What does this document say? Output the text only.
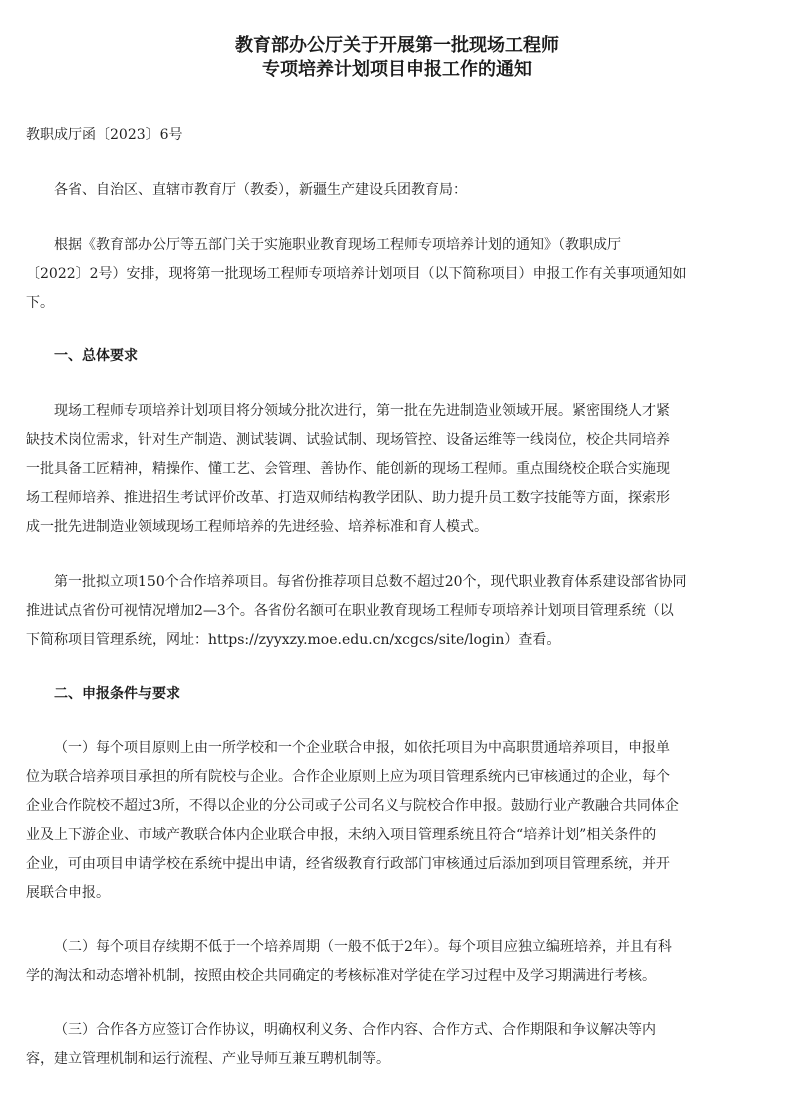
教育部办公厅关于开展第一批现场工程师
专项培养计划项目申报工作的通知
教职成厅函〔2023〕6号
各省、自治区、直辖市教育厅（教委），新疆生产建设兵团教育局：
根据《教育部办公厅等五部门关于实施职业教育现场工程师专项培养计划的通知》（教职成厅
〔2022〕2号）安排，现将第一批现场工程师专项培养计划项目（以下简称项目）申报工作有关事项通知如
下。
一、总体要求
现场工程师专项培养计划项目将分领域分批次进行，第一批在先进制造业领域开展。紧密围绕人才紧
缺技术岗位需求，针对生产制造、测试装调、试验试制、现场管控、设备运维等一线岗位，校企共同培养
一批具备工匠精神，精操作、懂工艺、会管理、善协作、能创新的现场工程师。重点围绕校企联合实施现
场工程师培养、推进招生考试评价改革、打造双师结构教学团队、助力提升员工数字技能等方面，探索形
成一批先进制造业领域现场工程师培养的先进经验、培养标准和育人模式。
第一批拟立项150个合作培养项目。每省份推荐项目总数不超过20个，现代职业教育体系建设部省协同
推进试点省份可视情况增加2—3个。各省份名额可在职业教育现场工程师专项培养计划项目管理系统（以
下简称项目管理系统，网址：https://zyyxzy.moe.edu.cn/xcgcs/site/login）查看。
二、申报条件与要求
（一）每个项目原则上由一所学校和一个企业联合申报，如依托项目为中高职贯通培养项目，申报单
位为联合培养项目承担的所有院校与企业。合作企业原则上应为项目管理系统内已审核通过的企业，每个
企业合作院校不超过3所，不得以企业的分公司或子公司名义与院校合作申报。鼓励行业产教融合共同体企
业及上下游企业、市域产教联合体内企业联合申报，未纳入项目管理系统且符合“培养计划”相关条件的
企业，可由项目申请学校在系统中提出申请，经省级教育行政部门审核通过后添加到项目管理系统，并开
展联合申报。
（二）每个项目存续期不低于一个培养周期（一般不低于2年）。每个项目应独立编班培养，并且有科
学的淘汰和动态增补机制，按照由校企共同确定的考核标准对学徒在学习过程中及学习期满进行考核。
（三）合作各方应签订合作协议，明确权利义务、合作内容、合作方式、合作期限和争议解决等内
容，建立管理机制和运行流程、产业导师互兼互聘机制等。
